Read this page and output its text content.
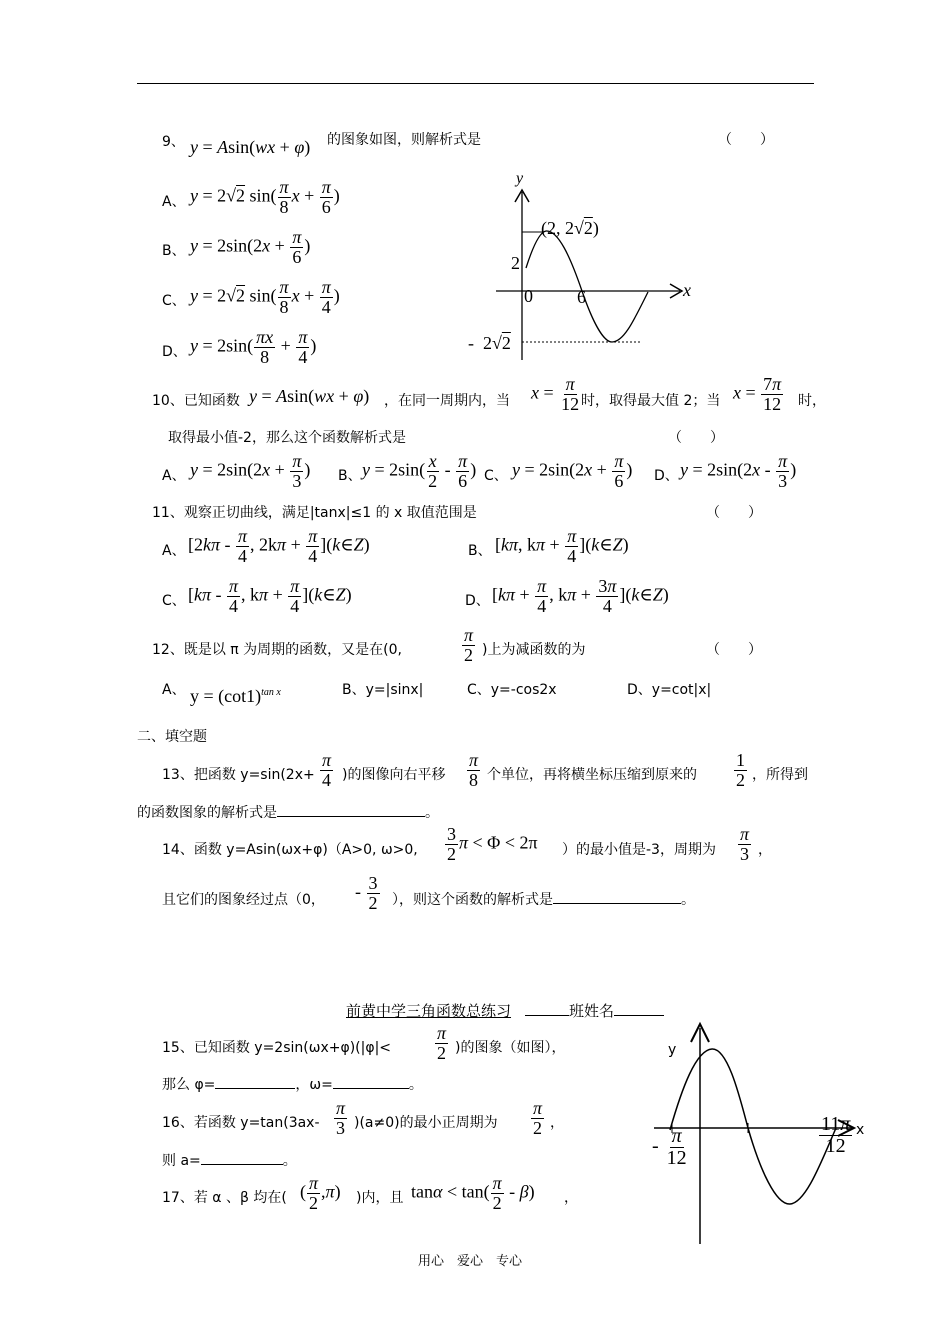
9、 y = Asin(wx + φ) 的图象如图，则解析式是	（　　）
A、 y = 2√2 $\sin( \frac{\pi}{8}$ $x + \frac{\pi}{6}$ )
B、 $y = 2\sin(2x + \frac{\pi}{6}$ )
C、 y = 2√2 $\sin( \frac{\pi}{8}$ $x + \frac{\pi}{4}$ )
D、 $y = 2\sin( \frac{\pi x}{8} + \frac{\pi}{4}$ )
y
(2, 2√2)
2
0 6	x
-  2√2
10、已知函数 y = Asin(wx + φ) ，在同一周期内，当 $x = \frac{\pi}{12}$ 时，取得最大值 2；当 $x = \frac{7\pi}{12}$ 时，
取得最小值-2，那么这个函数解析式是	（　　）
A、 $y = 2\sin(2x + \frac{\pi}{3}$ ) B、 $y = 2\sin( \frac{x}{2} - \frac{\pi}{6}$ ) C、 $y = 2\sin(2x + \frac{\pi}{6}$ ) D、 $y = 2\sin(2x - \frac{\pi}{3}$ )
11、观察正切曲线，满足|tanx|≤1 的 x 取值范围是	（　　）
A、 [$2k\pi - \frac{\pi}{4}$ , $2k\pi + \frac{\pi}{4}$ ](k∈Z)	B、 [kπ, $k\pi + \frac{\pi}{4}$ ](k∈Z)
C、 [$k\pi - \frac{\pi}{4}$ , $k\pi + \frac{\pi}{4}$ ](k∈Z)	D、 [$k\pi + \frac{\pi}{4}$ , $k\pi + \frac{3\pi}{4}$ ](k∈Z)
12、既是以 π 为周期的函数，又是在(0,	$\frac{\pi}{2}$ )上为减函数的为	（　　）
A、 $y = (\cot 1)^{tan x}$	B、y=|sinx|	C、y=-cos2x	D、y=cot|x|
二、填空题
13、把函数 $y=\sin(2x+ \frac{\pi}{4}$ )的图像向右平移 $\frac{\pi}{8}$ 个单位，再将横坐标压缩到原来的 $\frac{1}{2}$ ，所得到
的函数图象的解析式是	。
14、函数 y=Asin(ωx+φ)（A>0, ω>0, $\frac{3}{2}$ π < Φ < 2π ）的最小值是-3，周期为 $\frac{\pi}{3}$ ，
且它们的图象经过点（0， - $\frac{3}{2}$ ），则这个函数的解析式是	。
前黄中学三角函数总练习	班姓名
15、已知函数 $y=2\sin(\omega x+\varphi)(|\varphi|< \frac{\pi}{2}$ )的图象（如图），
那么 φ=	，ω=	。
16、若函数 $y=\tan(3ax- \frac{\pi}{3} )(a\ne 0)$的最小正周期为 $\frac{\pi}{2}$ ，
则 a=	。
17、若 α 、β 均在( ( $\frac{\pi}{2} ,\pi$) )内，且 $\tan\alpha < \tan( \frac{\pi}{2} - \beta)$ ，
y
x
- $\frac{\pi}{12}$	$\frac{11\pi}{12}$
用心　爱心　专心
